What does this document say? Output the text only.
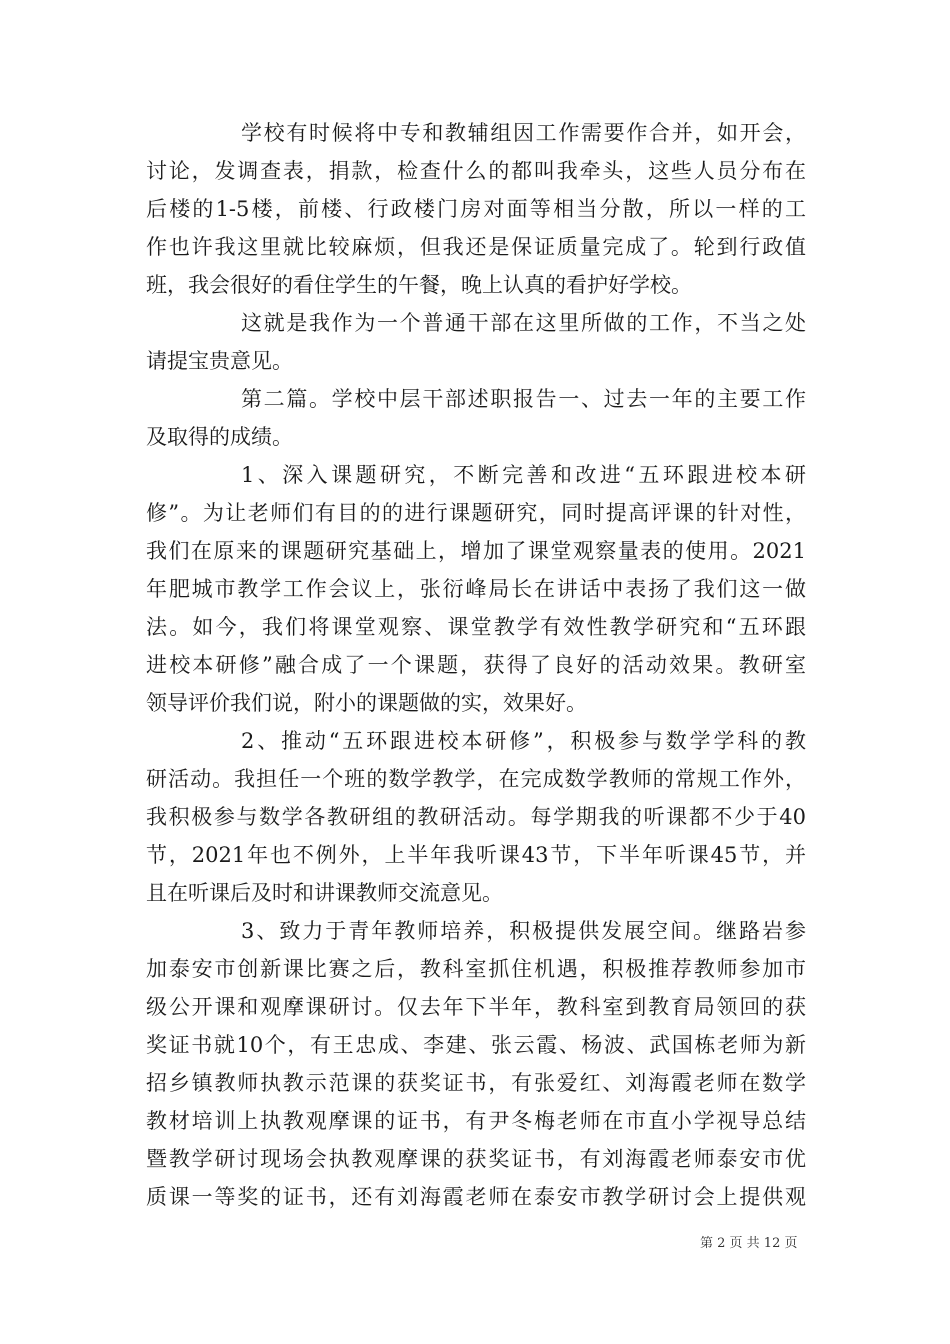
学校有时候将中专和教辅组因工作需要作合并，如开会，
讨论，发调查表，捐款，检查什么的都叫我牵头，这些人员分布在
后楼的1-5楼，前楼、行政楼门房对面等相当分散，所以一样的工
作也许我这里就比较麻烦，但我还是保证质量完成了。轮到行政值
班，我会很好的看住学生的午餐，晚上认真的看护好学校。
这就是我作为一个普通干部在这里所做的工作，不当之处
请提宝贵意见。
第二篇。学校中层干部述职报告一、过去一年的主要工作
及取得的成绩。
1、深入课题研究，不断完善和改进“五环跟进校本研
修”。为让老师们有目的的进行课题研究，同时提高评课的针对性，
我们在原来的课题研究基础上，增加了课堂观察量表的使用。2021
年肥城市教学工作会议上，张衍峰局长在讲话中表扬了我们这一做
法。如今，我们将课堂观察、课堂教学有效性教学研究和“五环跟
进校本研修”融合成了一个课题，获得了良好的活动效果。教研室
领导评价我们说，附小的课题做的实，效果好。
2、推动“五环跟进校本研修”，积极参与数学学科的教
研活动。我担任一个班的数学教学，在完成数学教师的常规工作外，
我积极参与数学各教研组的教研活动。每学期我的听课都不少于40
节，2021年也不例外，上半年我听课43节，下半年听课45节，并
且在听课后及时和讲课教师交流意见。
3、致力于青年教师培养，积极提供发展空间。继路岩参
加泰安市创新课比赛之后，教科室抓住机遇，积极推荐教师参加市
级公开课和观摩课研讨。仅去年下半年，教科室到教育局领回的获
奖证书就10个，有王忠成、李建、张云霞、杨波、武国栋老师为新
招乡镇教师执教示范课的获奖证书，有张爱红、刘海霞老师在数学
教材培训上执教观摩课的证书，有尹冬梅老师在市直小学视导总结
暨教学研讨现场会执教观摩课的获奖证书，有刘海霞老师泰安市优
质课一等奖的证书，还有刘海霞老师在泰安市教学研讨会上提供观
第 2 页 共 12 页
